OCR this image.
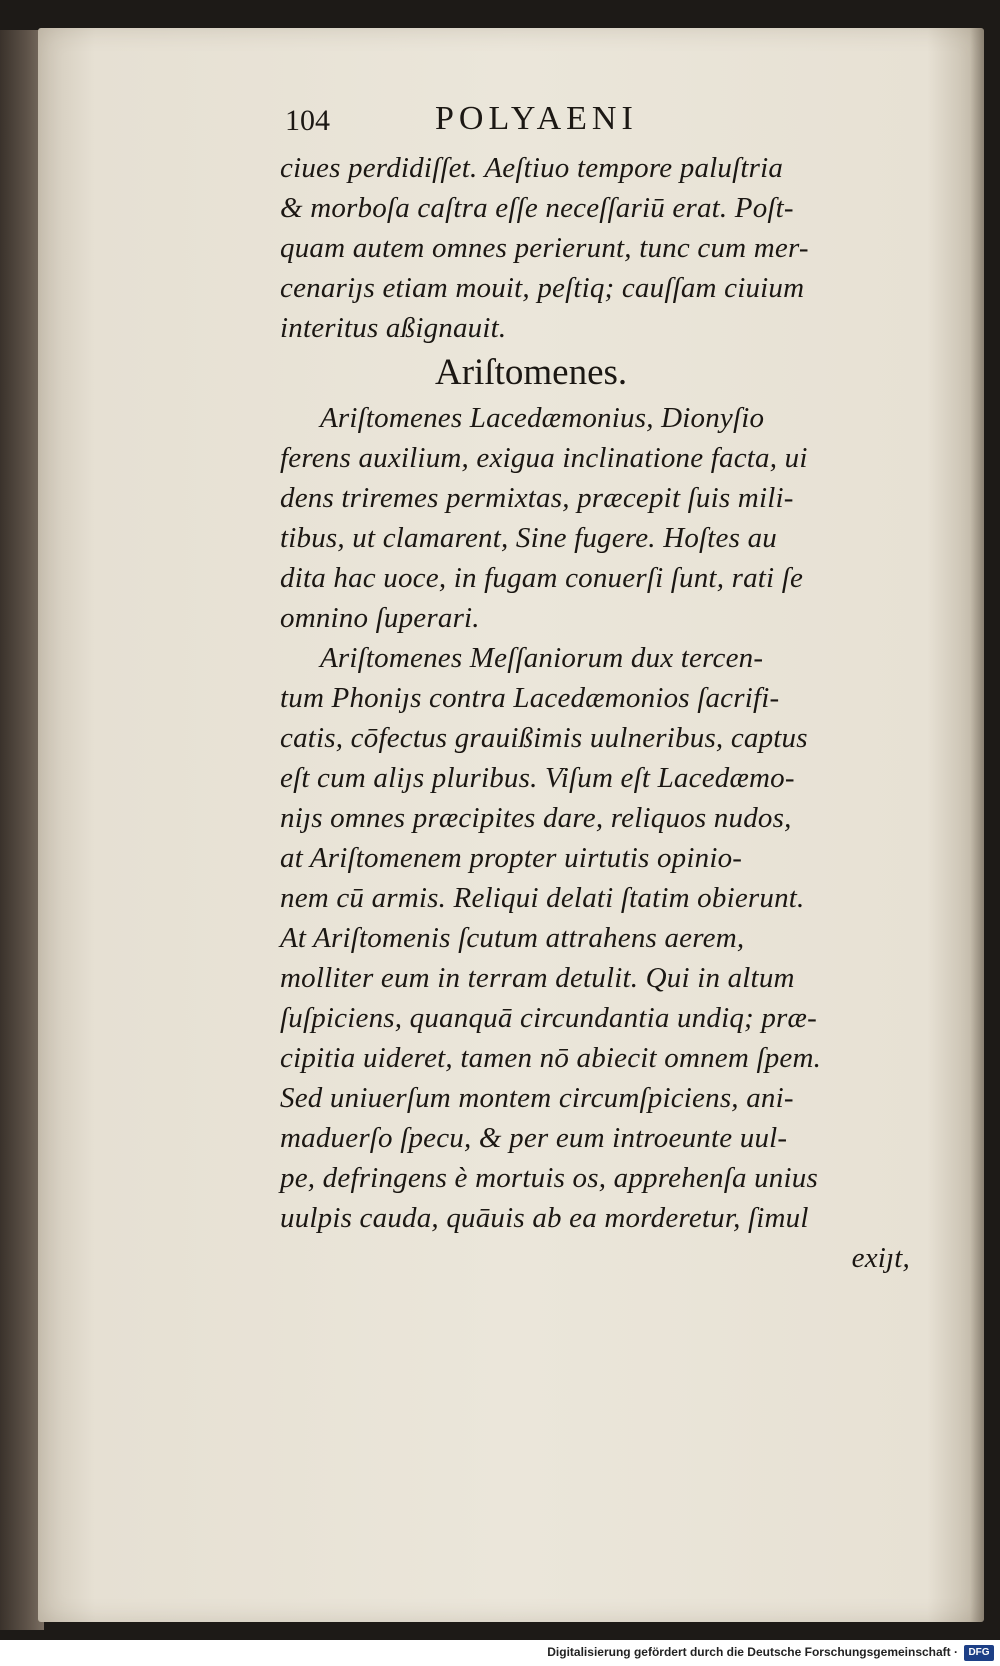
104	POLYAENI
ciues perdidiſſet. Aeſtiuo tempore paluſtria
& morboſa caſtra eſſe neceſſariū erat. Poſt-
quam autem omnes perierunt, tunc cum mer-
cenariȷs etiam mouit, peſtiq; cauſſam ciuium
interitus aßignauit.
Ariſtomenes.
Ariſtomenes Lacedæmonius, Dionyſio
ferens auxilium, exigua inclinatione facta, ui
dens triremes permixtas, præcepit ſuis mili-
tibus, ut clamarent, Sine fugere. Hoſtes au
dita hac uoce, in fugam conuerſi ſunt, rati ſe
omnino ſuperari.
Ariſtomenes Meſſaniorum dux tercen-
tum Phoniȷs contra Lacedæmonios ſacrifi-
catis, cōfectus grauißimis uulneribus, captus
eſt cum aliȷs pluribus. Viſum eſt Lacedæmo-
niȷs omnes præcipites dare, reliquos nudos,
at Ariſtomenem propter uirtutis opinio-
nem cū armis. Reliqui delati ſtatim obierunt.
At Ariſtomenis ſcutum attrahens aerem,
molliter eum in terram detulit. Qui in altum
ſuſpiciens, quanquā circundantia undiq; præ-
cipitia uideret, tamen nō abiecit omnem ſpem.
Sed uniuerſum montem circumſpiciens, ani-
maduerſo ſpecu, & per eum introeunte uul-
pe, defringens è mortuis os, apprehenſa unius
uulpis cauda, quāuis ab ea morderetur, ſimul
exiȷt,
Digitalisierung gefördert durch die Deutsche Forschungsgemeinschaft ·	DFG
